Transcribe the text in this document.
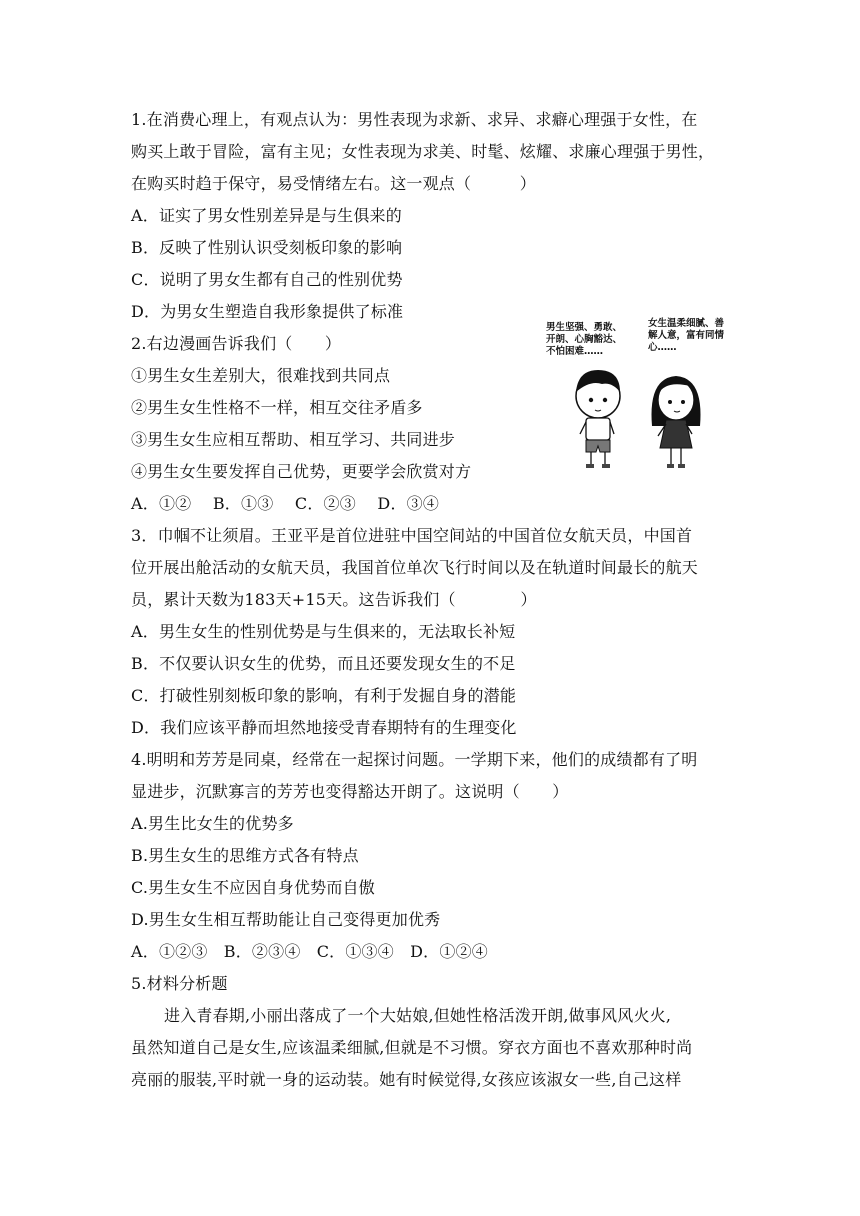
1.在消费心理上，有观点认为：男性表现为求新、求异、求癖心理强于女性，在
购买上敢于冒险，富有主见；女性表现为求美、时髦、炫耀、求廉心理强于男性，
在购买时趋于保守，易受情绪左右。这一观点（　　　）
A．证实了男女性别差异是与生俱来的
B．反映了性别认识受刻板印象的影响
C．说明了男女生都有自己的性别优势
D．为男女生塑造自我形象提供了标准
2.右边漫画告诉我们（　　）
①男生女生差别大，很难找到共同点
②男生女生性格不一样，相互交往矛盾多
③男生女生应相互帮助、相互学习、共同进步
④男生女生要发挥自己优势，更要学会欣赏对方
A．①②　 B．①③　 C．②③　 D．③④
3．巾帼不让须眉。王亚平是首位进驻中国空间站的中国首位女航天员，中国首
位开展出舱活动的女航天员，我国首位单次飞行时间以及在轨道时间最长的航天
员，累计天数为183天+15天。这告诉我们（　　　　）
A．男生女生的性别优势是与生俱来的，无法取长补短
B．不仅要认识女生的优势，而且还要发现女生的不足
C．打破性别刻板印象的影响，有利于发掘自身的潜能
D．我们应该平静而坦然地接受青春期特有的生理变化
4.明明和芳芳是同桌，经常在一起探讨问题。一学期下来，他们的成绩都有了明
显进步，沉默寡言的芳芳也变得豁达开朗了。这说明（　　）
A.男生比女生的优势多
B.男生女生的思维方式各有特点
C.男生女生不应因自身优势而自傲
D.男生女生相互帮助能让自己变得更加优秀
A．①②③　B．②③④　C．①③④　D．①②④
5.材料分析题
进入青春期,小丽出落成了一个大姑娘,但她性格活泼开朗,做事风风火火,
虽然知道自己是女生,应该温柔细腻,但就是不习惯。穿衣方面也不喜欢那种时尚
亮丽的服装,平时就一身的运动装。她有时候觉得,女孩应该淑女一些,自己这样
男生坚强、勇敢、开朗、心胸豁达、不怕困难……
女生温柔细腻、善解人意，富有同情心……
